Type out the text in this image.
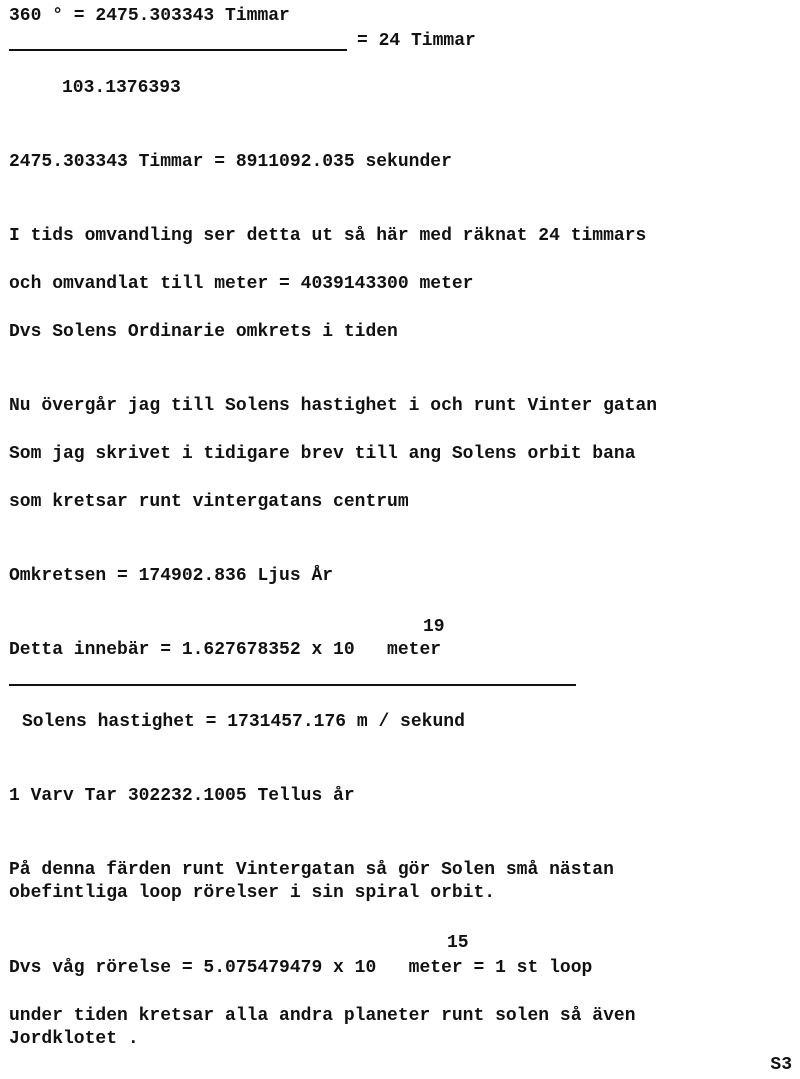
360 ° = 2475.303343 Timmar
= 24 Timmar
103.1376393
2475.303343 Timmar = 8911092.035 sekunder
I tids omvandling ser detta ut så här med räknat 24 timmars
och omvandlat till meter = 4039143300 meter
Dvs Solens Ordinarie omkrets i tiden
Nu övergår jag till Solens hastighet i och runt Vinter gatan
Som jag skrivet i tidigare brev till ang Solens orbit bana
som kretsar runt vintergatans centrum
Omkretsen = 174902.836 Ljus År
19
Detta innebär = 1.627678352 x 10   meter
Solens hastighet = 1731457.176 m / sekund
1 Varv Tar 302232.1005 Tellus år
På denna färden runt Vintergatan så gör Solen små nästan
obefintliga loop rörelser i sin spiral orbit.
15
Dvs våg rörelse = 5.075479479 x 10   meter = 1 st loop
under tiden kretsar alla andra planeter runt solen så även
Jordklotet .
S3
